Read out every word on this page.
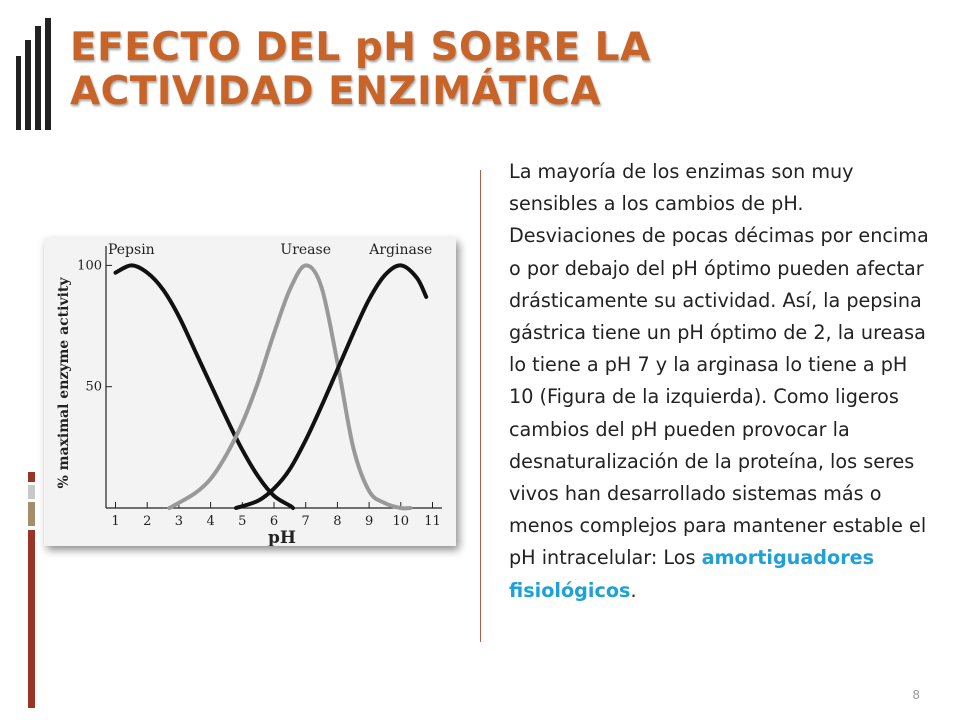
EFECTO DEL pH SOBRE LA ACTIVIDAD ENZIMÁTICA
1 2 3 4 5 6 7 8 9 10 11
50
100
pH
% maximal enzyme activity
Pepsin	Urease	Arginase

La mayoría de los enzimas son muy sensibles a los cambios de pH. Desviaciones de pocas décimas por encima o por debajo del pH óptimo pueden afectar drásticamente su actividad. Así, la pepsina gástrica tiene un pH óptimo de 2, la ureasa lo tiene a pH 7 y la arginasa lo tiene a pH 10 (Figura de la izquierda). Como ligeros cambios del pH pueden provocar la desnaturalización de la proteína, los seres vivos han desarrollado sistemas más o menos complejos para mantener estable el pH intracelular: Los amortiguadores fisiológicos.

8
